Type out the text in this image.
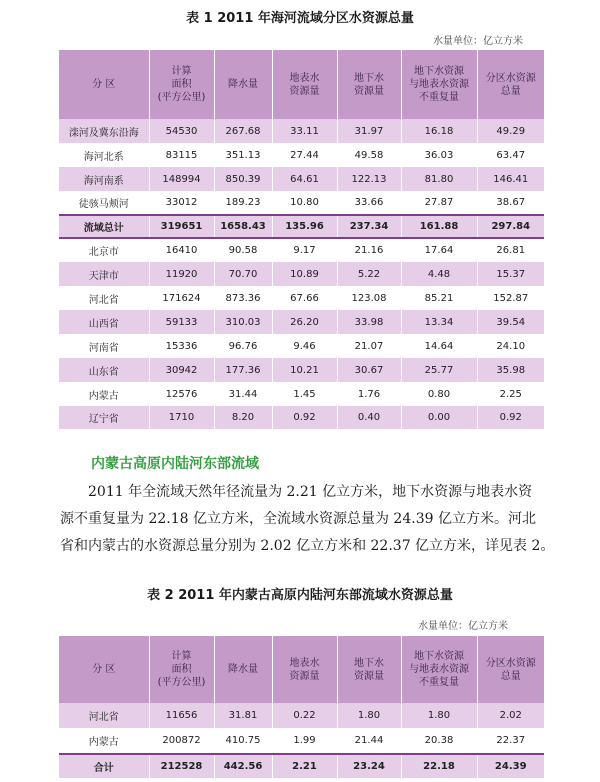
表 1 2011 年海河流域分区水资源总量
水量单位：亿立方米
分 区	计算
面积
(平方公里)	降水量	地表水
资源量	地下水
资源量	地下水资源
与地表水资源
不重复量	分区水资源
总量
滦河及冀东沿海	54530	267.68	33.11	31.97	16.18	49.29
海河北系	83115	351.13	27.44	49.58	36.03	63.47
海河南系	148994	850.39	64.61	122.13	81.80	146.41
徒骇马颊河	33012	189.23	10.80	33.66	27.87	38.67
流域总计	319651	1658.43	135.96	237.34	161.88	297.84
北京市	16410	90.58	9.17	21.16	17.64	26.81
天津市	11920	70.70	10.89	5.22	4.48	15.37
河北省	171624	873.36	67.66	123.08	85.21	152.87
山西省	59133	310.03	26.20	33.98	13.34	39.54
河南省	15336	96.76	9.46	21.07	14.64	24.10
山东省	30942	177.36	10.21	30.67	25.77	35.98
内蒙古	12576	31.44	1.45	1.76	0.80	2.25
辽宁省	1710	8.20	0.92	0.40	0.00	0.92
内蒙古高原内陆河东部流域
2011 年全流域天然年径流量为 2.21 亿立方米，地下水资源与地表水资
源不重复量为 22.18 亿立方米，全流域水资源总量为 24.39 亿立方米。河北
省和内蒙古的水资源总量分别为 2.02 亿立方米和 22.37 亿立方米，详见表 2。
表 2 2011 年内蒙古高原内陆河东部流域水资源总量
水量单位：亿立方米
分 区	计算
面积
(平方公里)	降水量	地表水
资源量	地下水
资源量	地下水资源
与地表水资源
不重复量	分区水资源
总量
河北省	11656	31.81	0.22	1.80	1.80	2.02
内蒙古	200872	410.75	1.99	21.44	20.38	22.37
合计	212528	442.56	2.21	23.24	22.18	24.39
